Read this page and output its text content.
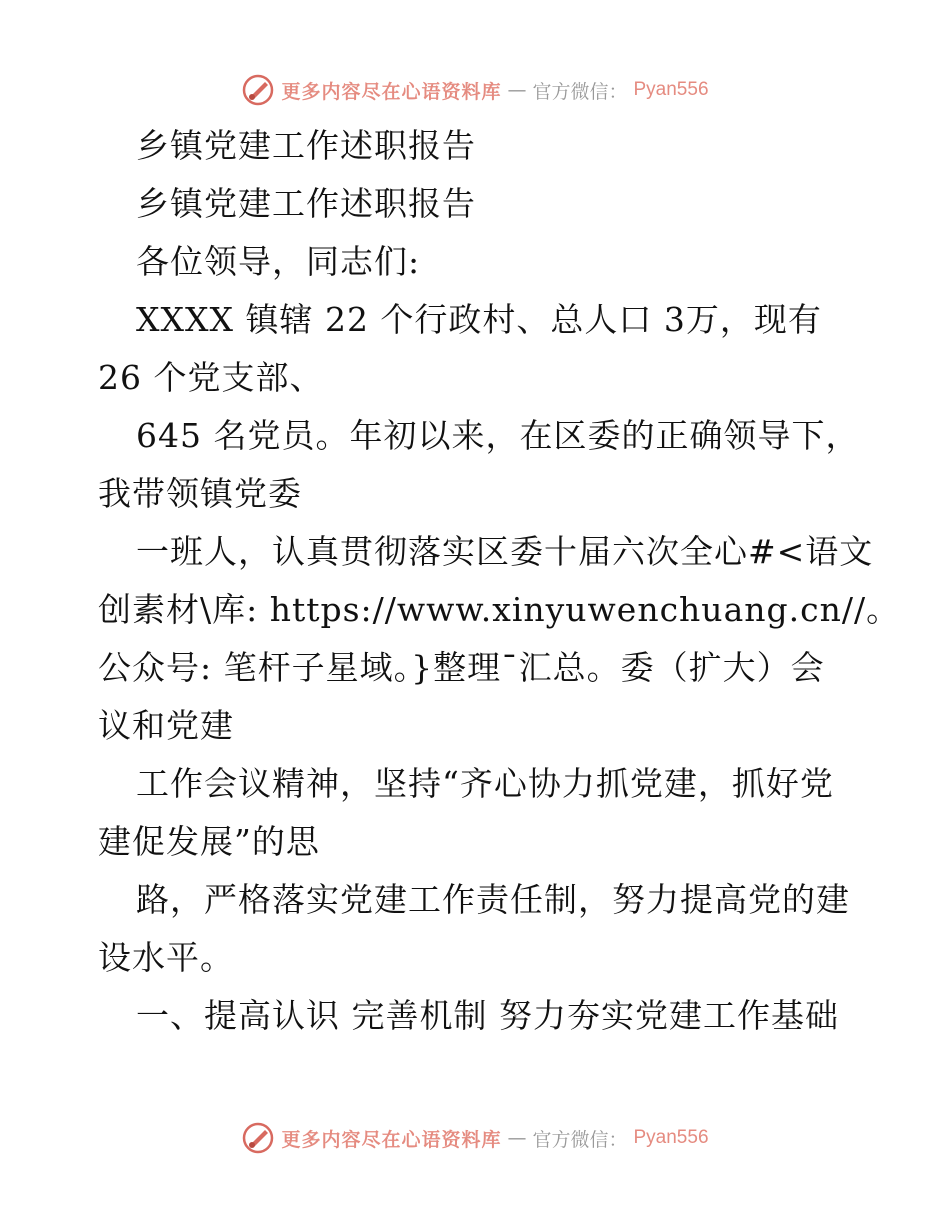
更多内容尽在心语资料库 — 官方微信： Pyan556
乡镇党建工作述职报告
乡镇党建工作述职报告
各位领导，同志们:
XXXX 镇辖 22 个行政村、总人口 3万，现有
26 个党支部、
645 名党员。年初以来，在区委的正确领导下，
我带领镇党委
一班人，认真贯彻落实区委十届六次全心#<语文
创素材\库: https://www.xinyuwenchuang.cn//。
公众号: 笔杆子星域。}整理¯汇总。委（扩大）会
议和党建
工作会议精神，坚持“齐心协力抓党建，抓好党
建促发展”的思
路，严格落实党建工作责任制，努力提高党的建
设水平。
一、提高认识 完善机制 努力夯实党建工作基础
更多内容尽在心语资料库 — 官方微信： Pyan556
